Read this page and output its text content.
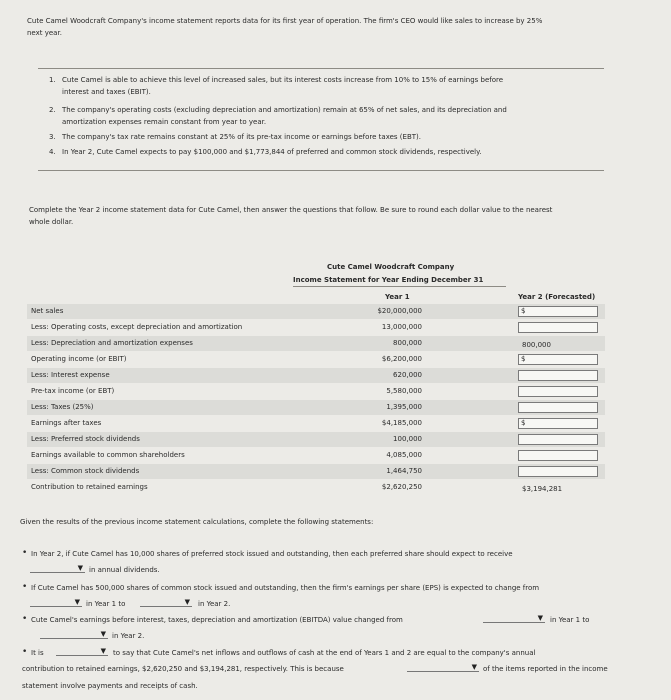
Cute Camel Woodcraft Company's income statement reports data for its first year of operation. The firm's CEO would like sales to increase by 25%
next year.
1. Cute Camel is able to achieve this level of increased sales, but its interest costs increase from 10% to 15% of earnings before
interest and taxes (EBIT).
2. The company's operating costs (excluding depreciation and amortization) remain at 65% of net sales, and its depreciation and
amortization expenses remain constant from year to year.
3. The company's tax rate remains constant at 25% of its pre-tax income or earnings before taxes (EBT).
4. In Year 2, Cute Camel expects to pay $100,000 and $1,773,844 of preferred and common stock dividends, respectively.
Complete the Year 2 income statement data for Cute Camel, then answer the questions that follow. Be sure to round each dollar value to the nearest
whole dollar.
Cute Camel Woodcraft Company
Income Statement for Year Ending December 31
Year 1	Year 2 (Forecasted)
Net sales	$20,000,000	$
Less: Operating costs, except depreciation and amortization	13,000,000
Less: Depreciation and amortization expenses	800,000	800,000
Operating income (or EBIT)	$6,200,000	$
Less: Interest expense	620,000
Pre-tax income (or EBT)	5,580,000
Less: Taxes (25%)	1,395,000
Earnings after taxes	$4,185,000	$
Less: Preferred stock dividends	100,000
Earnings available to common shareholders	4,085,000
Less: Common stock dividends	1,464,750
Contribution to retained earnings	$2,620,250	$3,194,281
Given the results of the previous income statement calculations, complete the following statements:
• In Year 2, if Cute Camel has 10,000 shares of preferred stock issued and outstanding, then each preferred share should expect to receive
▼ in annual dividends.
• If Cute Camel has 500,000 shares of common stock issued and outstanding, then the firm's earnings per share (EPS) is expected to change from
▼ in Year 1 to	▼ in Year 2.
• Cute Camel's earnings before interest, taxes, depreciation and amortization (EBITDA) value changed from	▼ in Year 1 to
▼ in Year 2.
• It is	▼ to say that Cute Camel's net inflows and outflows of cash at the end of Years 1 and 2 are equal to the company's annual
contribution to retained earnings, $2,620,250 and $3,194,281, respectively. This is because	▼ of the items reported in the income
statement involve payments and receipts of cash.
